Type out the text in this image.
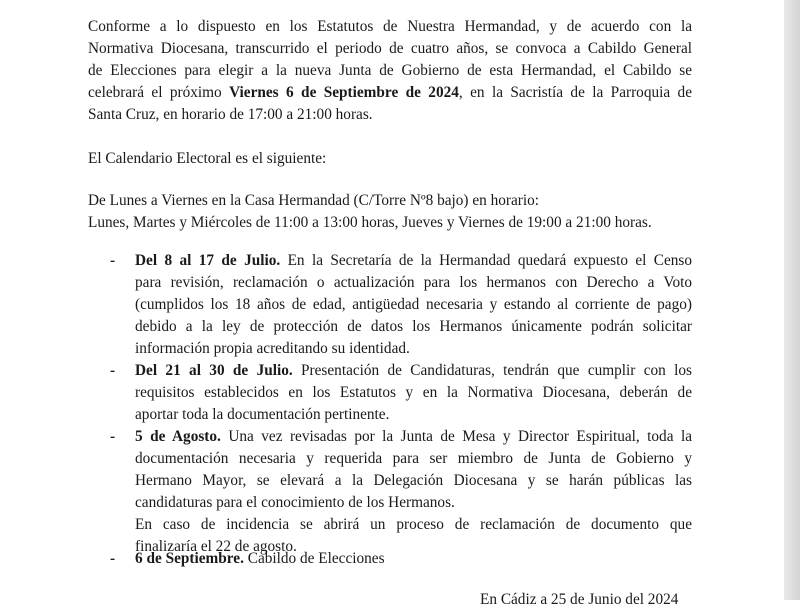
Conforme a lo dispuesto en los Estatutos de Nuestra Hermandad, y de acuerdo con la
Normativa Diocesana, transcurrido el periodo de cuatro años, se convoca a Cabildo General
de Elecciones para elegir a la nueva Junta de Gobierno de esta Hermandad, el Cabildo se
celebrará el próximo Viernes 6 de Septiembre de 2024, en la Sacristía de la Parroquia de
Santa Cruz, en horario de 17:00 a 21:00 horas.
El Calendario Electoral es el siguiente:
De Lunes a Viernes en la Casa Hermandad (C/Torre Nº8 bajo) en horario:
Lunes, Martes y Miércoles de 11:00 a 13:00 horas, Jueves y Viernes de 19:00 a 21:00 horas.
- Del 8 al 17 de Julio. En la Secretaría de la Hermandad quedará expuesto el Censo
para revisión, reclamación o actualización para los hermanos con Derecho a Voto
(cumplidos los 18 años de edad, antigüedad necesaria y estando al corriente de pago)
debido a la ley de protección de datos los Hermanos únicamente podrán solicitar
información propia acreditando su identidad.
- Del 21 al 30 de Julio. Presentación de Candidaturas, tendrán que cumplir con los
requisitos establecidos en los Estatutos y en la Normativa Diocesana, deberán de
aportar toda la documentación pertinente.
- 5 de Agosto. Una vez revisadas por la Junta de Mesa y Director Espiritual, toda la
documentación necesaria y requerida para ser miembro de Junta de Gobierno y
Hermano Mayor, se elevará a la Delegación Diocesana y se harán públicas las
candidaturas para el conocimiento de los Hermanos.
En caso de incidencia se abrirá un proceso de reclamación de documento que
finalizaría el 22 de agosto.
- 6 de Septiembre. Cabildo de Elecciones
En Cádiz a 25 de Junio del 2024
